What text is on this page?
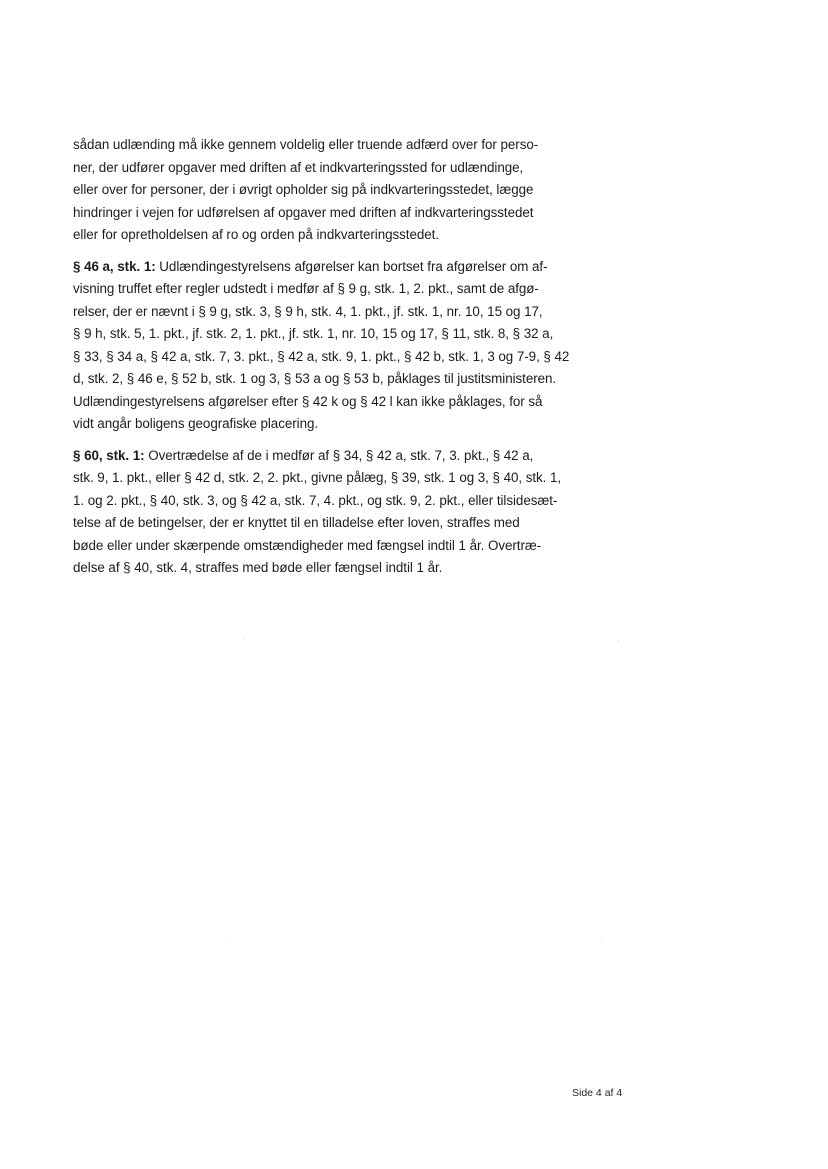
sådan udlænding må ikke gennem voldelig eller truende adfærd over for perso-
ner, der udfører opgaver med driften af et indkvarteringssted for udlændinge,
eller over for personer, der i øvrigt opholder sig på indkvarteringsstedet, lægge
hindringer i vejen for udførelsen af opgaver med driften af indkvarteringsstedet
eller for opretholdelsen af ro og orden på indkvarteringsstedet.

§ 46 a, stk. 1: Udlændingestyrelsens afgørelser kan bortset fra afgørelser om af-
visning truffet efter regler udstedt i medfør af § 9 g, stk. 1, 2. pkt., samt de afgø-
relser, der er nævnt i § 9 g, stk. 3, § 9 h, stk. 4, 1. pkt., jf. stk. 1, nr. 10, 15 og 17,
§ 9 h, stk. 5, 1. pkt., jf. stk. 2, 1. pkt., jf. stk. 1, nr. 10, 15 og 17, § 11, stk. 8, § 32 a,
§ 33, § 34 a, § 42 a, stk. 7, 3. pkt., § 42 a, stk. 9, 1. pkt., § 42 b, stk. 1, 3 og 7-9, § 42
d, stk. 2, § 46 e, § 52 b, stk. 1 og 3, § 53 a og § 53 b, påklages til justitsministeren.
Udlændingestyrelsens afgørelser efter § 42 k og § 42 l kan ikke påklages, for så
vidt angår boligens geografiske placering.

§ 60, stk. 1: Overtrædelse af de i medfør af § 34, § 42 a, stk. 7, 3. pkt., § 42 a,
stk. 9, 1. pkt., eller § 42 d, stk. 2, 2. pkt., givne pålæg, § 39, stk. 1 og 3, § 40, stk. 1,
1. og 2. pkt., § 40, stk. 3, og § 42 a, stk. 7, 4. pkt., og stk. 9, 2. pkt., eller tilsidesæt-
telse af de betingelser, der er knyttet til en tilladelse efter loven, straffes med
bøde eller under skærpende omstændigheder med fængsel indtil 1 år. Overtræ-
delse af § 40, stk. 4, straffes med bøde eller fængsel indtil 1 år.

Side 4 af 4
